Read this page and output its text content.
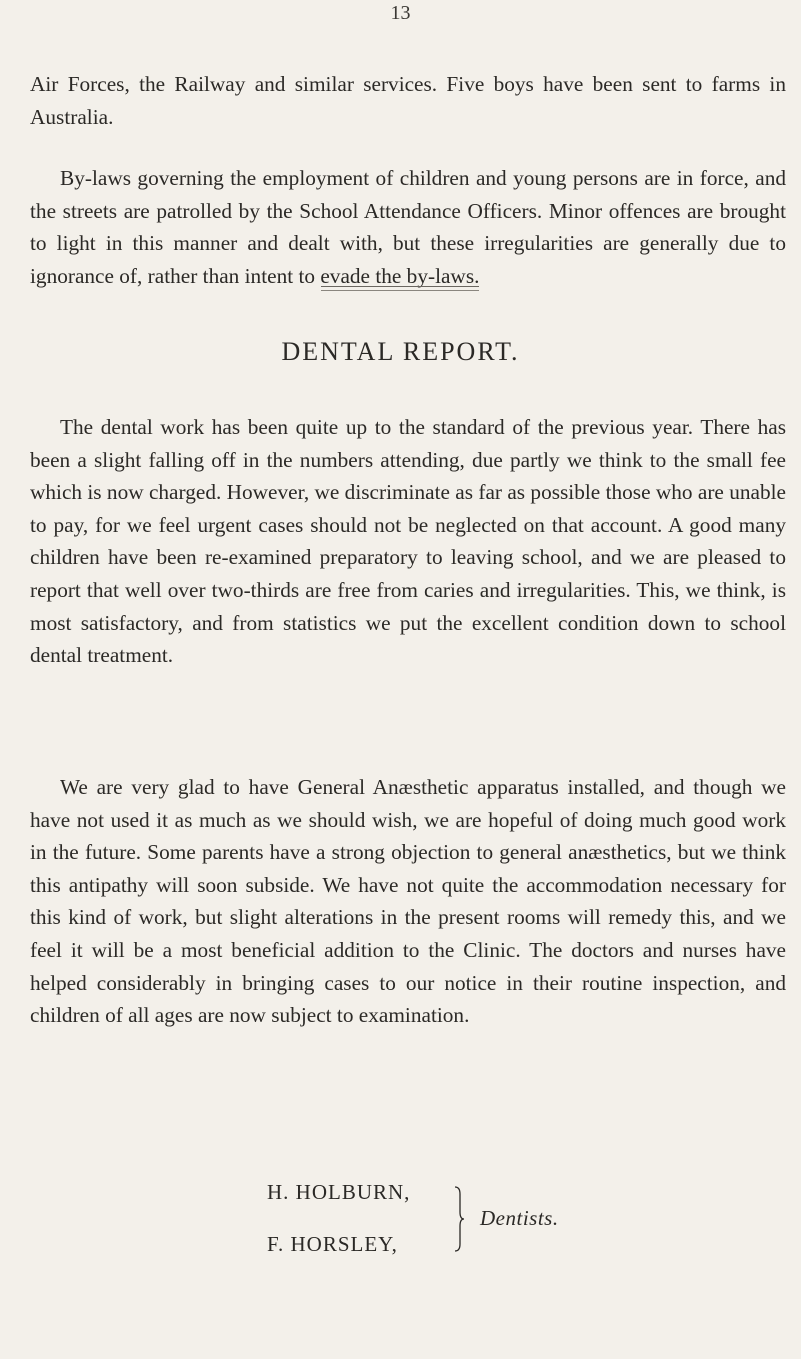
13

Air Forces, the Railway and similar services. Five boys have been sent to farms in Australia.

By-laws governing the employment of children and young persons are in force, and the streets are patrolled by the School Attendance Officers. Minor offences are brought to light in this manner and dealt with, but these irregularities are generally due to ignorance of, rather than intent to evade the by-laws.

DENTAL REPORT.

The dental work has been quite up to the standard of the previous year. There has been a slight falling off in the numbers attending, due partly we think to the small fee which is now charged. However, we discriminate as far as possible those who are unable to pay, for we feel urgent cases should not be neglected on that account. A good many children have been re-examined preparatory to leaving school, and we are pleased to report that well over two-thirds are free from caries and irregularities. This, we think, is most satisfactory, and from statistics we put the excellent condition down to school dental treatment.

We are very glad to have General Anæsthetic apparatus installed, and though we have not used it as much as we should wish, we are hopeful of doing much good work in the future. Some parents have a strong objection to general anæsthetics, but we think this antipathy will soon subside. We have not quite the accommodation necessary for this kind of work, but slight alterations in the present rooms will remedy this, and we feel it will be a most beneficial addition to the Clinic. The doctors and nurses have helped considerably in bringing cases to our notice in their routine inspection, and children of all ages are now subject to examination.

H. HOLBURN,
F. HORSLEY,
Dentists.
